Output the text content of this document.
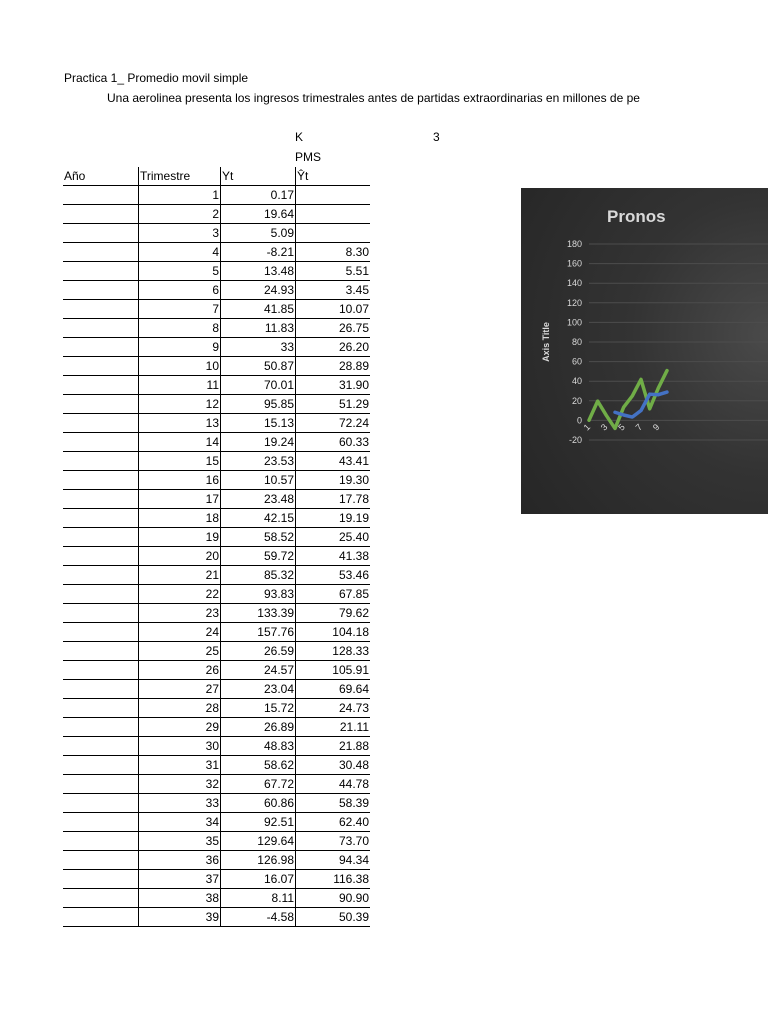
Practica 1_ Promedio movil simple
Una aerolinea presenta los ingresos trimestrales antes de partidas extraordinarias en millones de pe
K	3
PMS
Año	Trimestre	Yt	Ŷt
	1	0.17	
	2	19.64	
	3	5.09	
	4	-8.21	8.30
	5	13.48	5.51
	6	24.93	3.45
	7	41.85	10.07
	8	11.83	26.75
	9	33	26.20
	10	50.87	28.89
	11	70.01	31.90
	12	95.85	51.29
	13	15.13	72.24
	14	19.24	60.33
	15	23.53	43.41
	16	10.57	19.30
	17	23.48	17.78
	18	42.15	19.19
	19	58.52	25.40
	20	59.72	41.38
	21	85.32	53.46
	22	93.83	67.85
	23	133.39	79.62
	24	157.76	104.18
	25	26.59	128.33
	26	24.57	105.91
	27	23.04	69.64
	28	15.72	24.73
	29	26.89	21.11
	30	48.83	21.88
	31	58.62	30.48
	32	67.72	44.78
	33	60.86	58.39
	34	92.51	62.40
	35	129.64	73.70
	36	126.98	94.34
	37	16.07	116.38
	38	8.11	90.90
	39	-4.58	50.39
-20
0
20
40
60
80
100
120
140
160
180
1 3 5 7 9
Pronos
Axis Title
